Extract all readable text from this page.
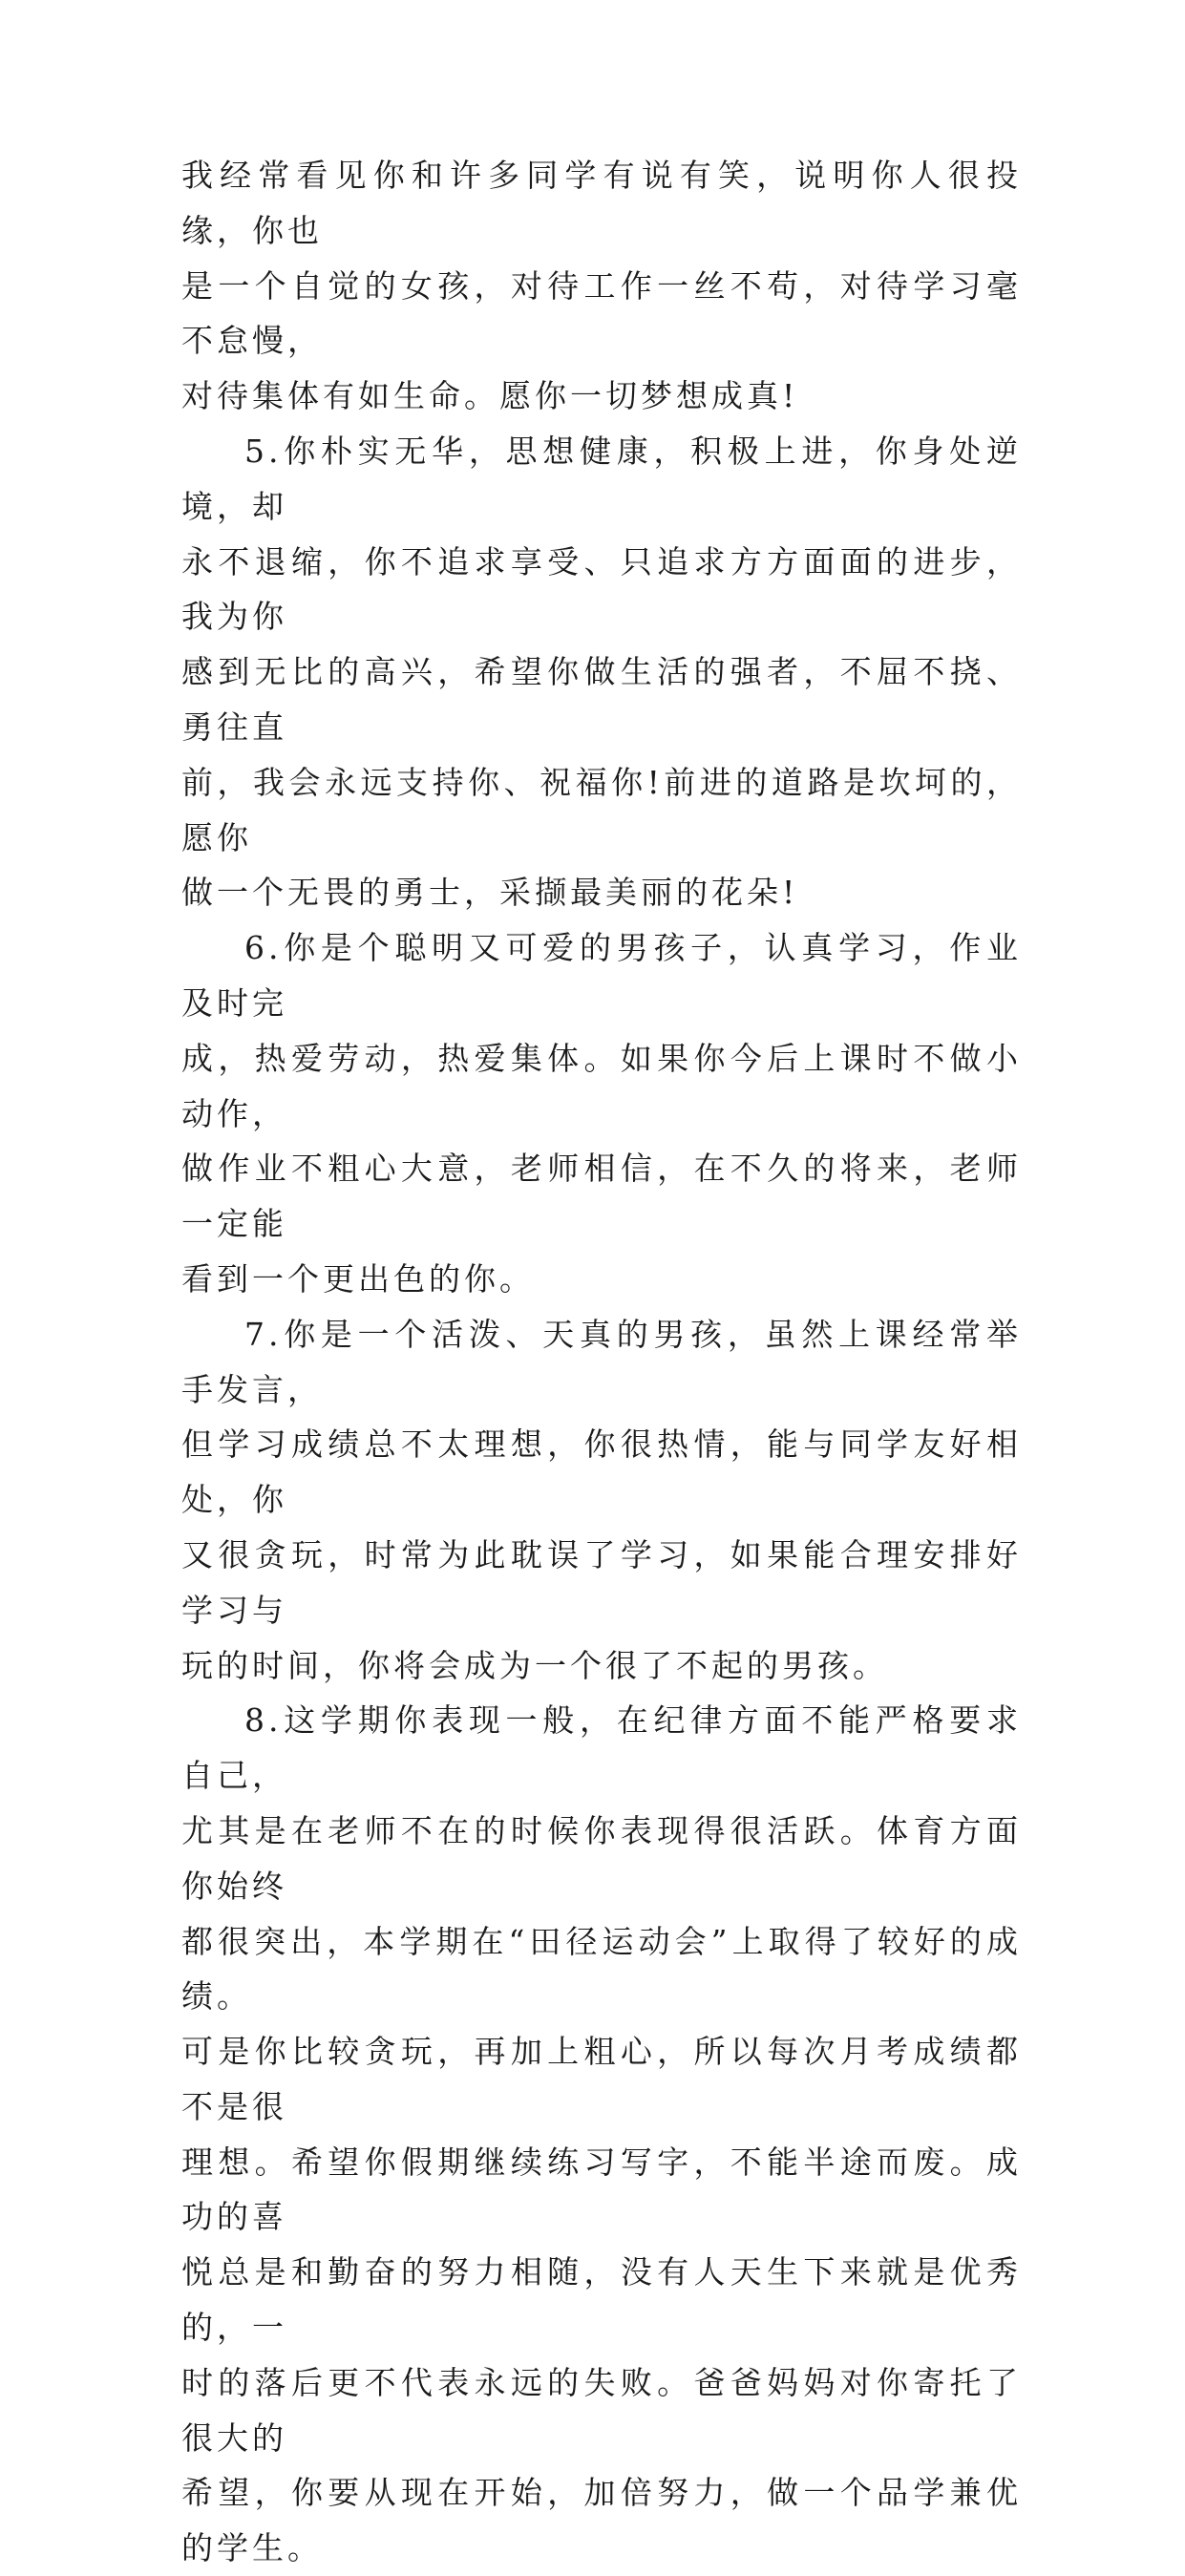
我经常看见你和许多同学有说有笑，说明你人很投缘，你也
是一个自觉的女孩，对待工作一丝不苟，对待学习毫不怠慢，
对待集体有如生命。愿你一切梦想成真!

5.你朴实无华，思想健康，积极上进，你身处逆境，却
永不退缩，你不追求享受、只追求方方面面的进步，我为你
感到无比的高兴，希望你做生活的强者，不屈不挠、勇往直
前，我会永远支持你、祝福你!前进的道路是坎坷的，愿你
做一个无畏的勇士，采撷最美丽的花朵!

6.你是个聪明又可爱的男孩子，认真学习，作业及时完
成，热爱劳动，热爱集体。如果你今后上课时不做小动作，
做作业不粗心大意，老师相信，在不久的将来，老师一定能
看到一个更出色的你。

7.你是一个活泼、天真的男孩，虽然上课经常举手发言，
但学习成绩总不太理想，你很热情，能与同学友好相处，你
又很贪玩，时常为此耽误了学习，如果能合理安排好学习与
玩的时间，你将会成为一个很了不起的男孩。

8.这学期你表现一般，在纪律方面不能严格要求自己，
尤其是在老师不在的时候你表现得很活跃。体育方面你始终
都很突出，本学期在“田径运动会”上取得了较好的成绩。
可是你比较贪玩，再加上粗心，所以每次月考成绩都不是很
理想。希望你假期继续练习写字，不能半途而废。成功的喜
悦总是和勤奋的努力相随，没有人天生下来就是优秀的，一
时的落后更不代表永远的失败。爸爸妈妈对你寄托了很大的
希望，你要从现在开始，加倍努力，做一个品学兼优的学生。
